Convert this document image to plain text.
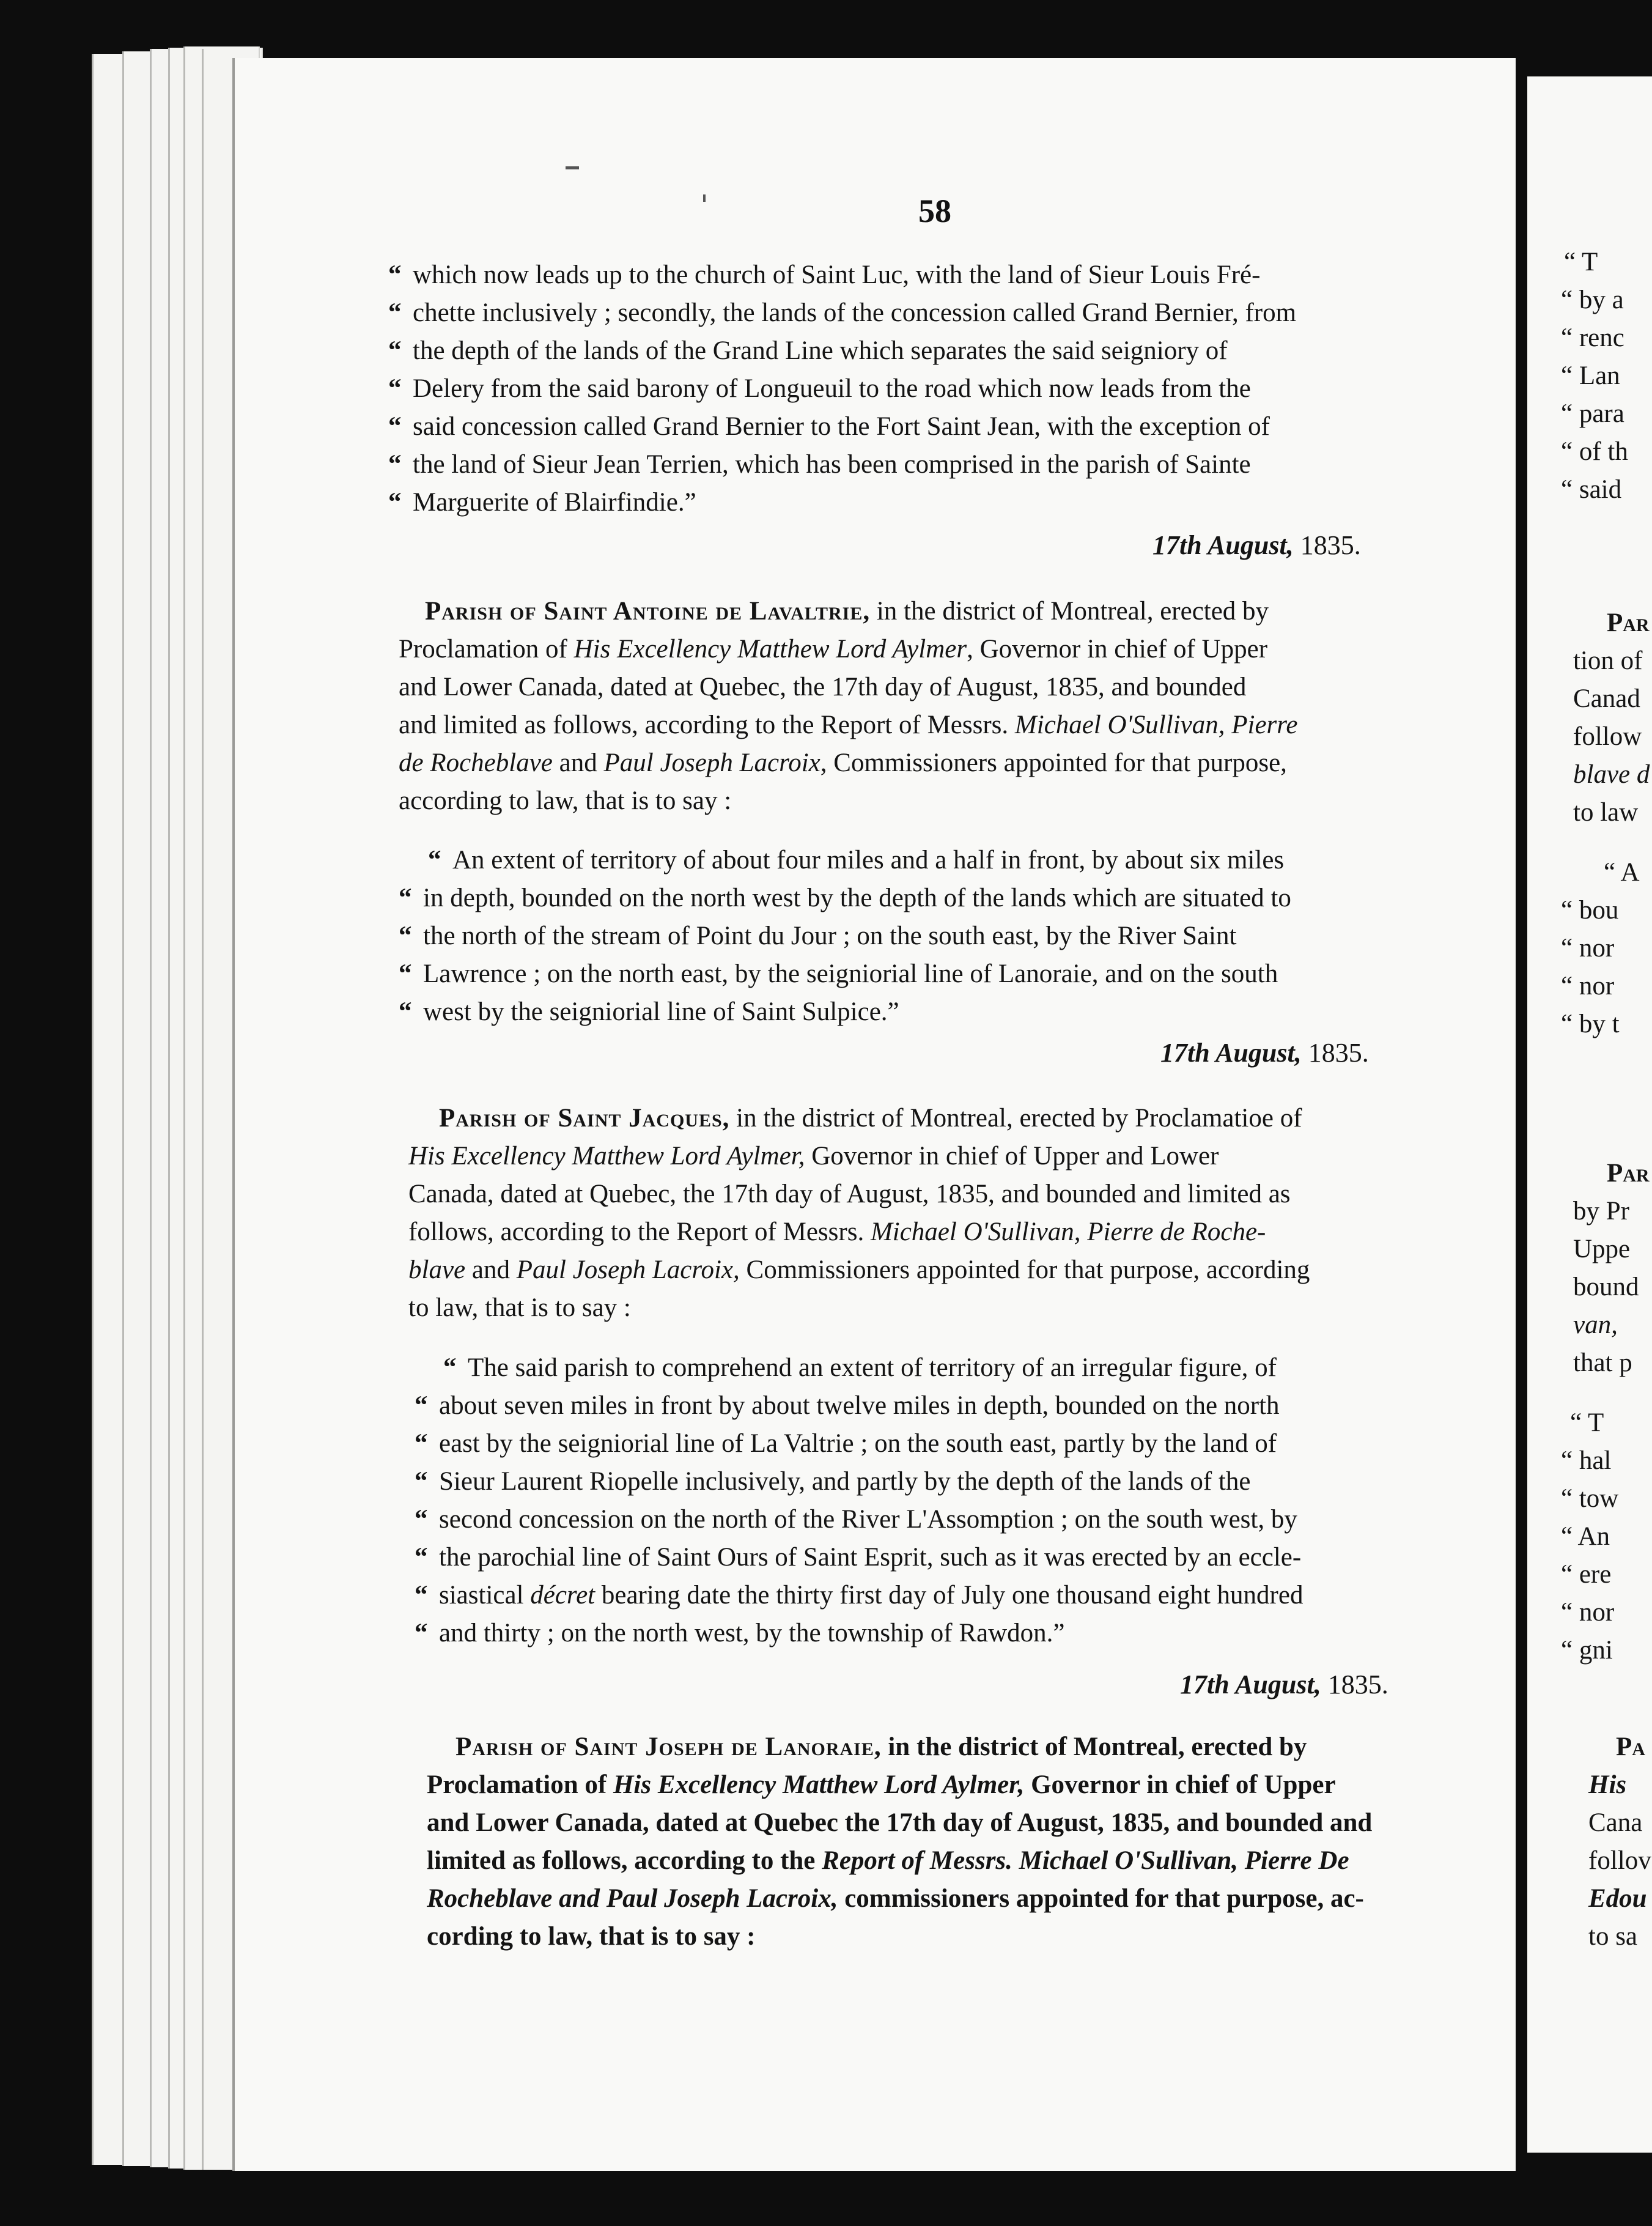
58
“ which now leads up to the church of Saint Luc, with the land of Sieur Louis Fré-
“ chette inclusively ; secondly, the lands of the concession called Grand Bernier, from
“ the depth of the lands of the Grand Line which separates the said seigniory of
“ Delery from the said barony of Longueuil to the road which now leads from the
“ said concession called Grand Bernier to the Fort Saint Jean, with the exception of
“ the land of Sieur Jean Terrien, which has been comprised in the parish of Sainte
“ Marguerite of Blairfindie.”
17th August, 1835.
Parish of Saint Antoine de Lavaltrie, in the district of Montreal, erected by
Proclamation of His Excellency Matthew Lord Aylmer, Governor in chief of Upper
and Lower Canada, dated at Quebec, the 17th day of August, 1835, and bounded
and limited as follows, according to the Report of Messrs. Michael O'Sullivan, Pierre
de Rocheblave and Paul Joseph Lacroix, Commissioners appointed for that purpose,
according to law, that is to say :
“ An extent of territory of about four miles and a half in front, by about six miles
“ in depth, bounded on the north west by the depth of the lands which are situated to
“ the north of the stream of Point du Jour ; on the south east, by the River Saint
“ Lawrence ; on the north east, by the seigniorial line of Lanoraie, and on the south
“ west by the seigniorial line of Saint Sulpice.”
17th August, 1835.
Parish of Saint Jacques, in the district of Montreal, erected by Proclamatioe of
His Excellency Matthew Lord Aylmer, Governor in chief of Upper and Lower
Canada, dated at Quebec, the 17th day of August, 1835, and bounded and limited as
follows, according to the Report of Messrs. Michael O'Sullivan, Pierre de Roche-
blave and Paul Joseph Lacroix, Commissioners appointed for that purpose, according
to law, that is to say :
“ The said parish to comprehend an extent of territory of an irregular figure, of
“ about seven miles in front by about twelve miles in depth, bounded on the north
“ east by the seigniorial line of La Valtrie ; on the south east, partly by the land of
“ Sieur Laurent Riopelle inclusively, and partly by the depth of the lands of the
“ second concession on the north of the River L'Assomption ; on the south west, by
“ the parochial line of Saint Ours of Saint Esprit, such as it was erected by an eccle-
“ siastical décret bearing date the thirty first day of July one thousand eight hundred
“ and thirty ; on the north west, by the township of Rawdon.”
17th August, 1835.
Parish of Saint Joseph de Lanoraie, in the district of Montreal, erected by
Proclamation of His Excellency Matthew Lord Aylmer, Governor in chief of Upper
and Lower Canada, dated at Quebec the 17th day of August, 1835, and bounded and
limited as follows, according to the Report of Messrs. Michael O'Sullivan, Pierre De
Rocheblave and Paul Joseph Lacroix, commissioners appointed for that purpose, ac-
cording to law, that is to say :
“ T
“ by a
“ renc
“ Lan
“ para
“ of th
“ said
Par
tion of
Canad
follow
blave d
to law
“ A
“ bou
“ nor
“ nor
“ by t
Par
by Pr
Uppe
bound
van,
that p
“ T
“ hal
“ tow
“ An
“ ere
“ nor
“ gni
Pa
His
Cana
follov
Edou
to sa
